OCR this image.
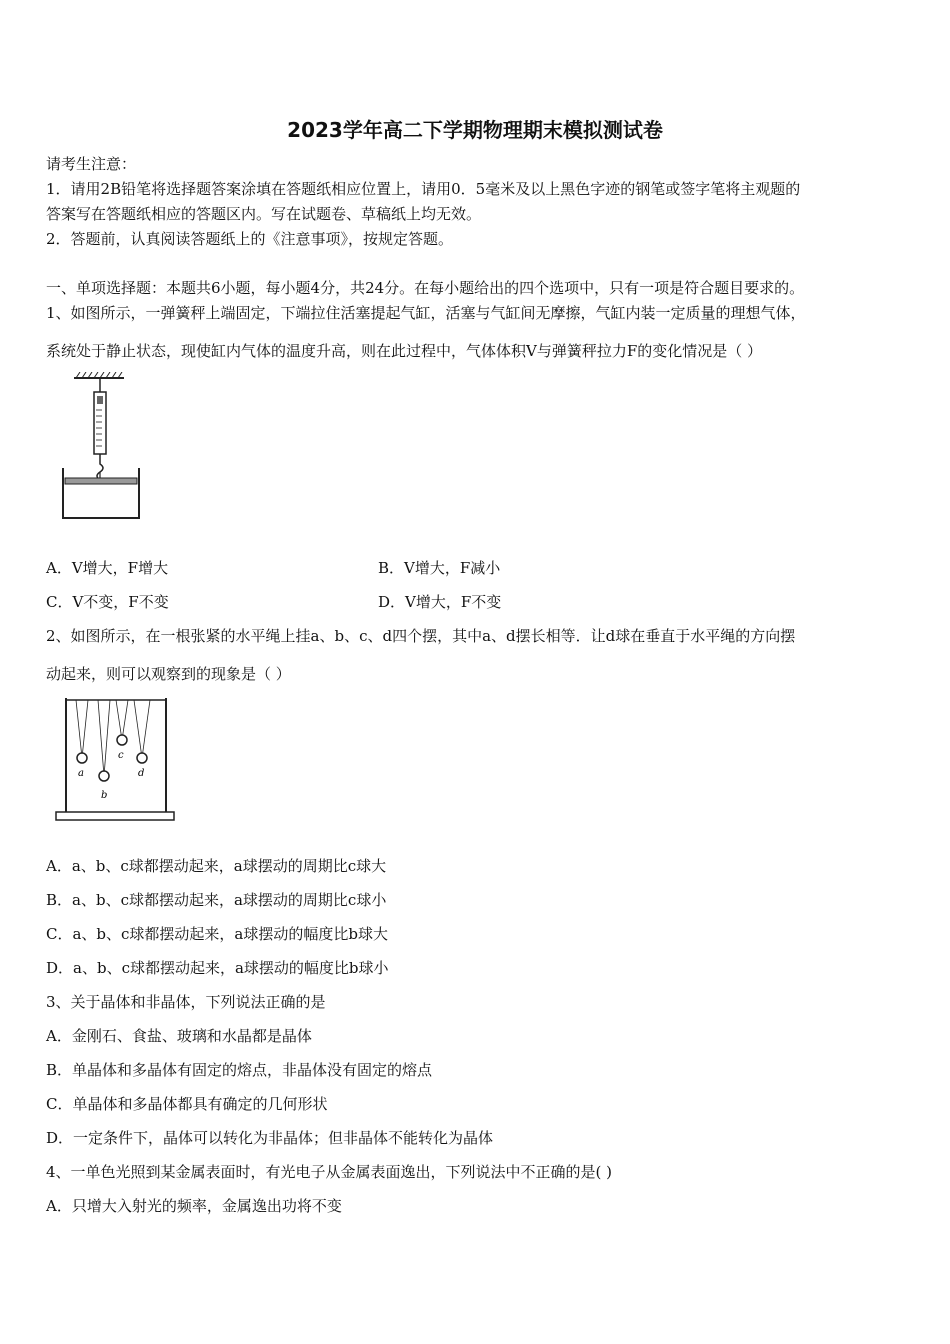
2023学年高二下学期物理期末模拟测试卷
请考生注意：
1．请用2B铅笔将选择题答案涂填在答题纸相应位置上，请用0．5毫米及以上黑色字迹的钢笔或签字笔将主观题的
答案写在答题纸相应的答题区内。写在试题卷、草稿纸上均无效。
2．答题前，认真阅读答题纸上的《注意事项》，按规定答题。
一、单项选择题：本题共6小题，每小题4分，共24分。在每小题给出的四个选项中，只有一项是符合题目要求的。
1、如图所示，一弹簧秤上端固定，下端拉住活塞提起气缸，活塞与气缸间无摩擦，气缸内装一定质量的理想气体，
系统处于静止状态，现使缸内气体的温度升高，则在此过程中，气体体积V与弹簧秤拉力F的变化情况是（ ）
A．V增大，F增大	B．V增大，F减小
C．V不变，F不变	D．V增大，F不变
2、如图所示，在一根张紧的水平绳上挂a、b、c、d四个摆，其中a、d摆长相等．让d球在垂直于水平绳的方向摆
动起来，则可以观察到的现象是（ ）
a
b
c
d
A．a、b、c球都摆动起来，a球摆动的周期比c球大
B．a、b、c球都摆动起来，a球摆动的周期比c球小
C．a、b、c球都摆动起来，a球摆动的幅度比b球大
D．a、b、c球都摆动起来，a球摆动的幅度比b球小
3、关于晶体和非晶体，下列说法正确的是
A．金刚石、食盐、玻璃和水晶都是晶体
B．单晶体和多晶体有固定的熔点，非晶体没有固定的熔点
C．单晶体和多晶体都具有确定的几何形状
D．一定条件下，晶体可以转化为非晶体；但非晶体不能转化为晶体
4、一单色光照到某金属表面时，有光电子从金属表面逸出，下列说法中不正确的是( )
A．只增大入射光的频率，金属逸出功将不变
